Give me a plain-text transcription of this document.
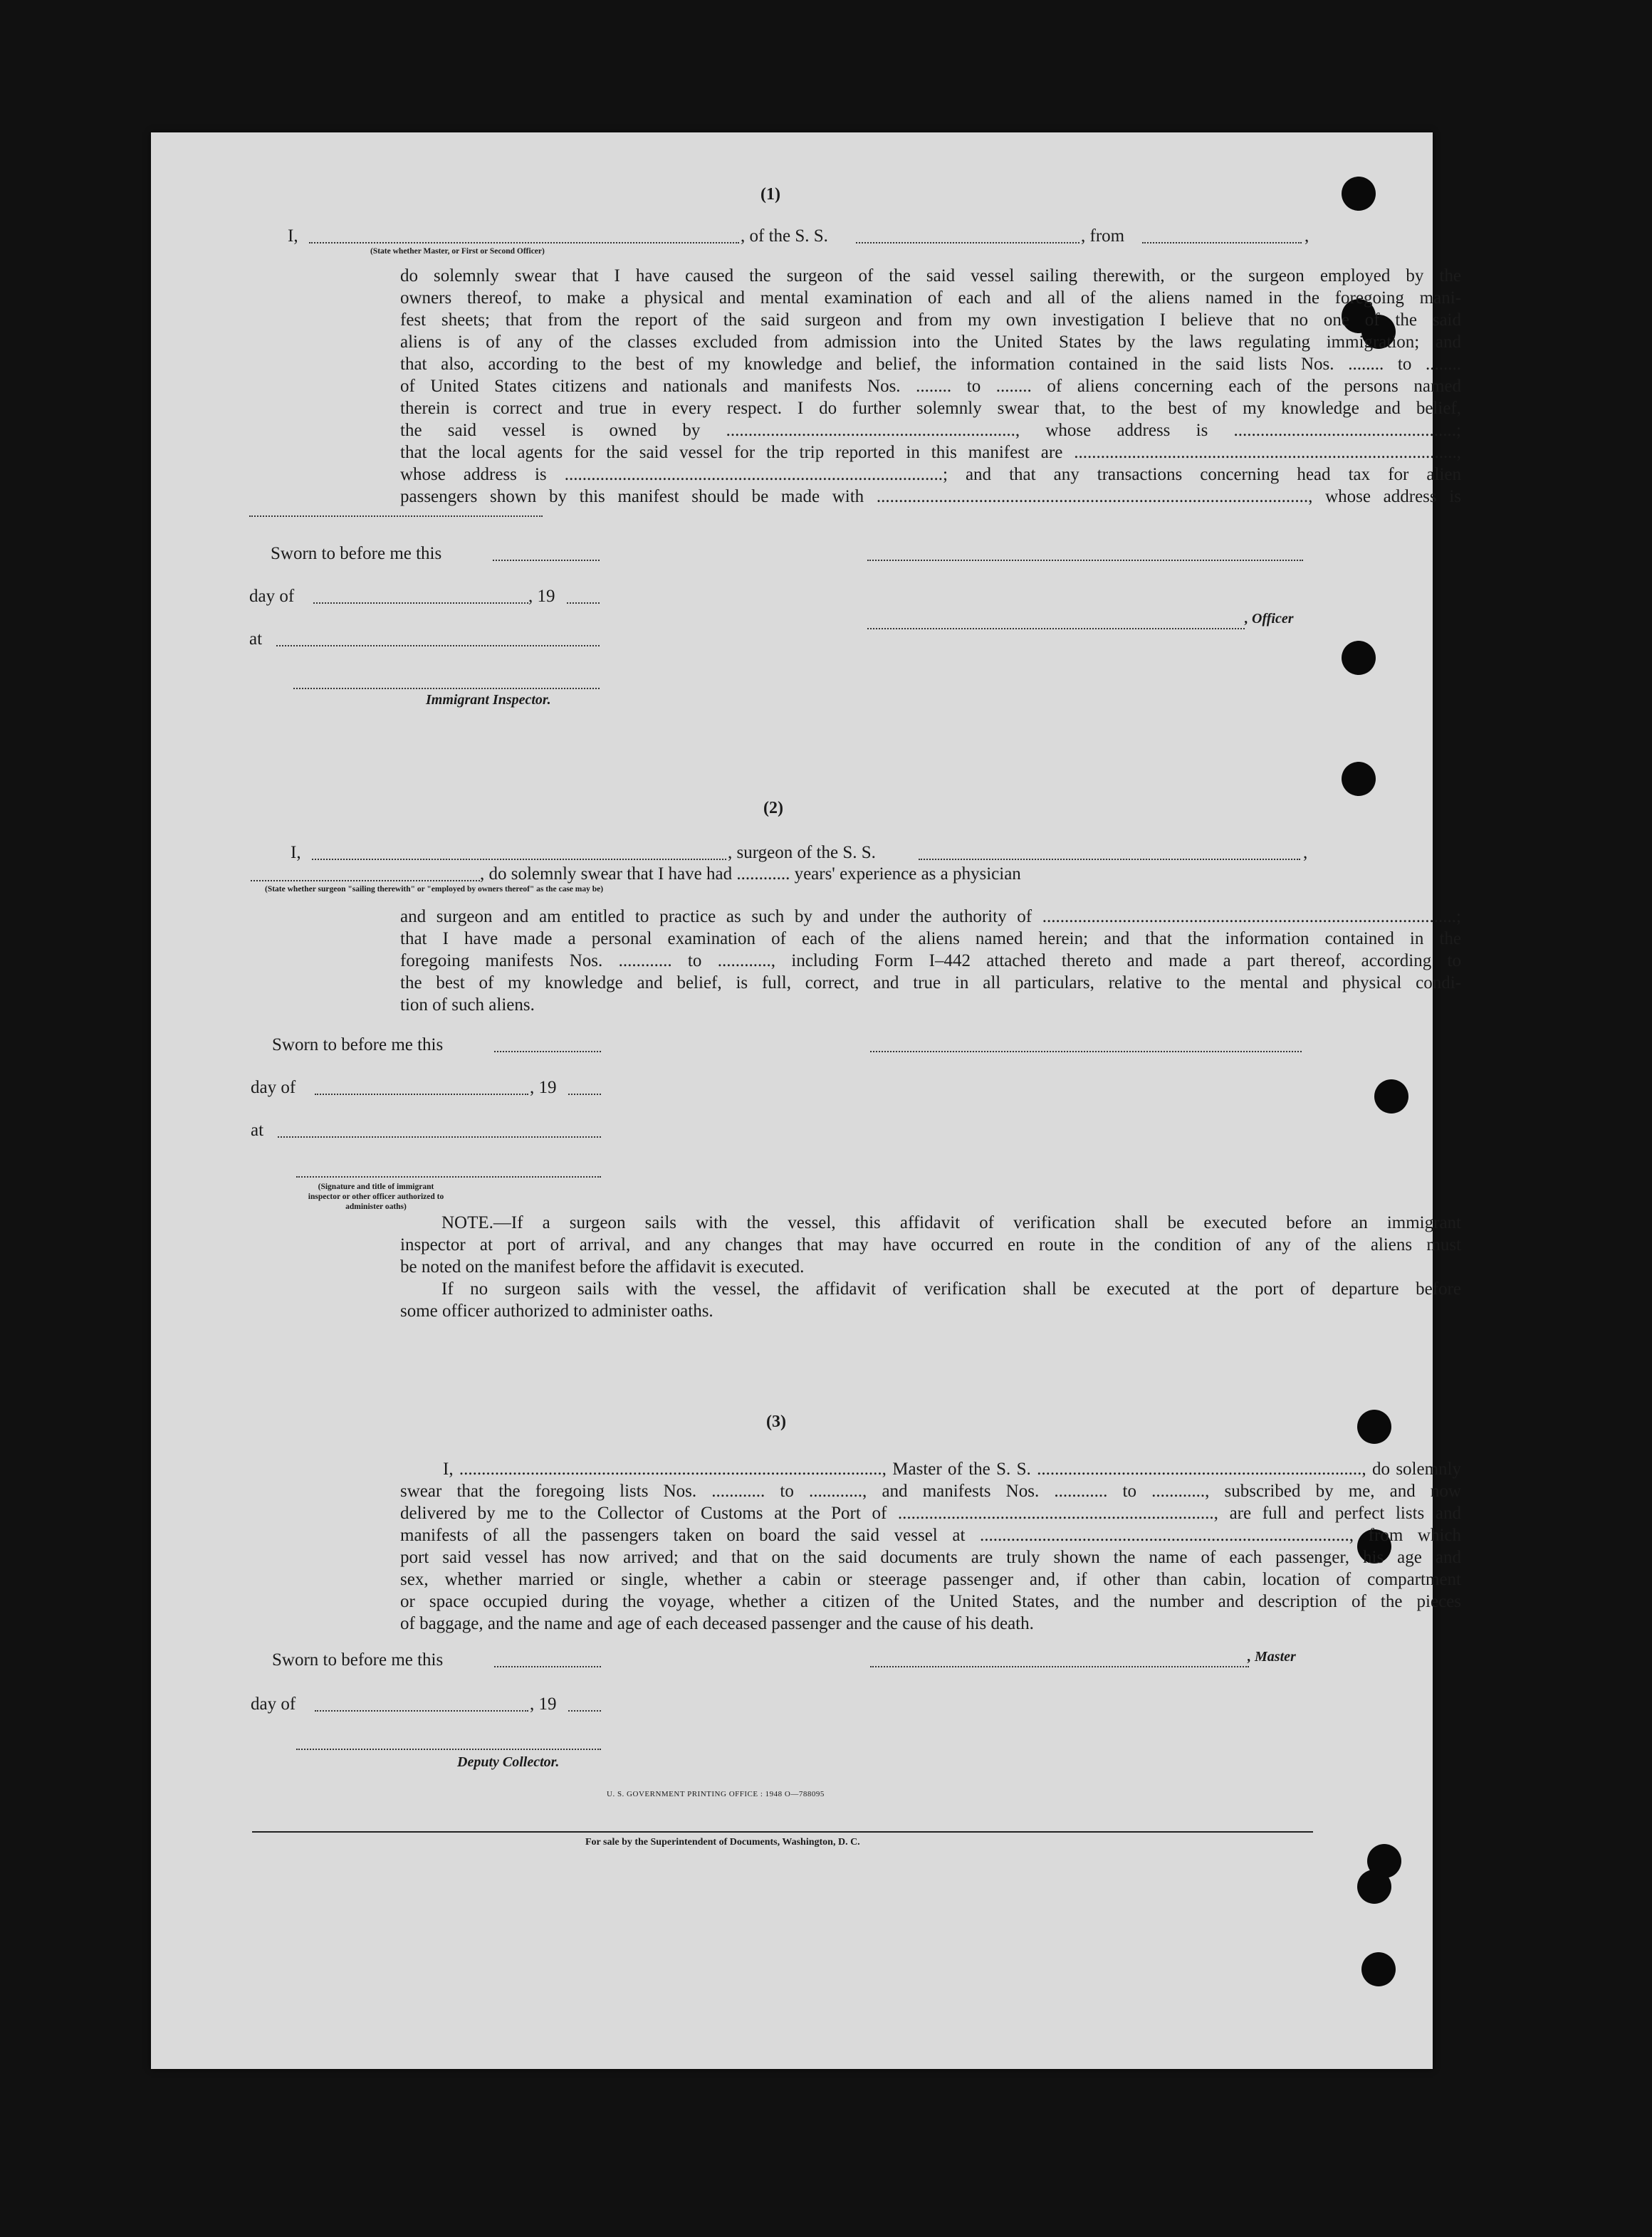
(1)
I,	, of the S. S.	, from	,
(State whether Master, or First or Second Officer)

do solemnly swear that I have caused the surgeon of the said vessel sailing therewith, or the surgeon employed by the

owners thereof, to make a physical and mental examination of each and all of the aliens named in the foregoing mani-

fest sheets; that from the report of the said surgeon and from my own investigation I believe that no one of the said

aliens is of any of the classes excluded from admission into the United States by the laws regulating immigration; and

that also, according to the best of my knowledge and belief, the information contained in the said lists Nos. ........ to ........

of United States citizens and nationals and manifests Nos. ........ to ........ of aliens concerning each of the persons named

therein is correct and true in every respect. I do further solemnly swear that, to the best of my knowledge and belief,

the said vessel is owned by ................................................................., whose address is ..................................................;

that the local agents for the said vessel for the trip reported in this manifest are ......................................................................................,

whose address is .....................................................................................; and that any transactions concerning head tax for alien

passengers shown by this manifest should be made with ................................................................................................., whose address is

Sworn to before me this
day of	, 19
at
Immigrant Inspector.
, Officer
(2)
I,	, surgeon of the S. S.	,
, do solemnly swear that I have had ............ years' experience as a physician
(State whether surgeon "sailing therewith" or "employed by owners thereof" as the case may be)

and surgeon and am entitled to practice as such by and under the authority of .............................................................................................;

that I have made a personal examination of each of the aliens named herein; and that the information contained in the

foregoing manifests Nos. ............ to ............, including Form I–442 attached thereto and made a part thereof, according to

the best of my knowledge and belief, is full, correct, and true in all particulars, relative to the mental and physical condi-

tion of such aliens.

Sworn to before me this
day of	, 19
at
(Signature and title of immigrant inspector or other officer authorized to administer oaths)

NOTE.—If a surgeon sails with the vessel, this affidavit of verification shall be executed before an immigrant

inspector at port of arrival, and any changes that may have occurred en route in the condition of any of the aliens must

be noted on the manifest before the affidavit is executed.

If no surgeon sails with the vessel, the affidavit of verification shall be executed at the port of departure before

some officer authorized to administer oaths.

(3)

I, ..............................................................................................., Master of the S. S. ........................................................................., do solemnly

swear that the foregoing lists Nos. ............ to ............, and manifests Nos. ............ to ............, subscribed by me, and now

delivered by me to the Collector of Customs at the Port of ......................................................................., are full and perfect lists and

manifests of all the passengers taken on board the said vessel at ..................................................................................., from which

port said vessel has now arrived; and that on the said documents are truly shown the name of each passenger, his age and

sex, whether married or single, whether a cabin or steerage passenger and, if other than cabin, location of compartment

or space occupied during the voyage, whether a citizen of the United States, and the number and description of the pieces

of baggage, and the name and age of each deceased passenger and the cause of his death.

Sworn to before me this	, Master
day of	, 19
Deputy Collector.
U. S. GOVERNMENT PRINTING OFFICE : 1948 O—788095
For sale by the Superintendent of Documents, Washington, D. C.
